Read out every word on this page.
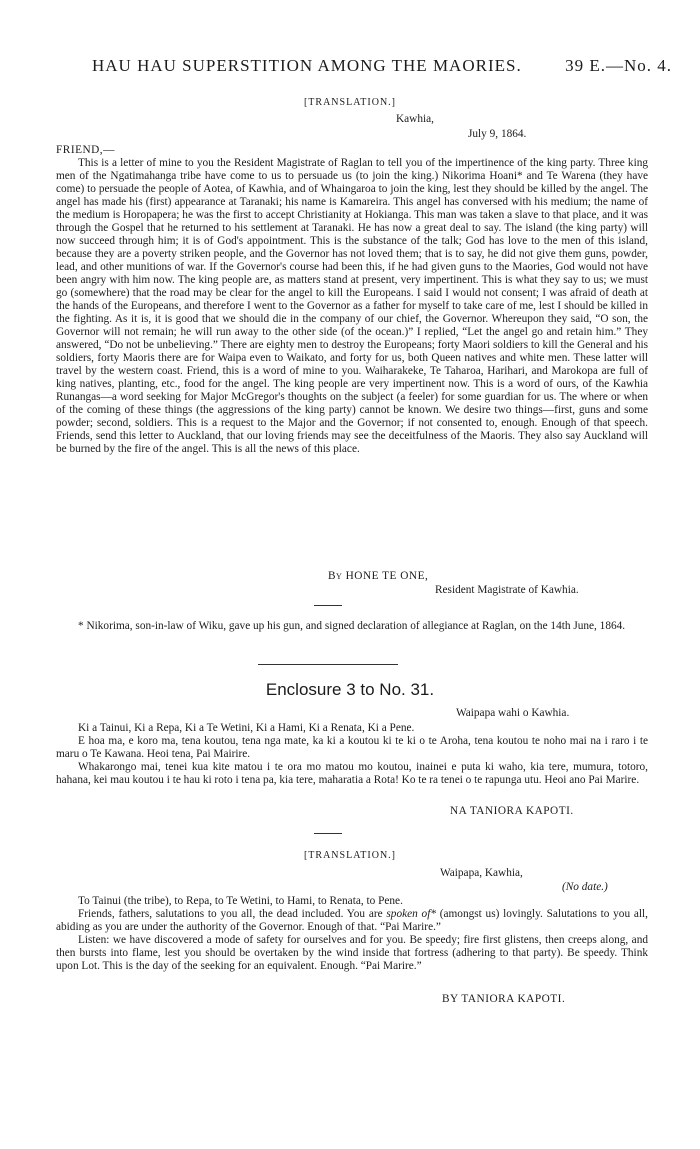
HAU HAU SUPERSTITION AMONG THE MAORIES.	39 E.—No. 4.
[TRANSLATION.]
Kawhia,
July 9, 1864.

FRIEND,—

This is a letter of mine to you the Resident Magistrate of Raglan to tell you of the impertinence of the king party. Three king men of the Ngatimahanga tribe have come to us to persuade us (to join the king.) Nikorima Hoani* and Te Warena (they have come) to persuade the people of Aotea, of Kawhia, and of Whaingaroa to join the king, lest they should be killed by the angel. The angel has made his (first) appearance at Taranaki; his name is Kamareira. This angel has conversed with his medium; the name of the medium is Horopapera; he was the first to accept Christianity at Hokianga. This man was taken a slave to that place, and it was through the Gospel that he returned to his settlement at Taranaki. He has now a great deal to say. The island (the king party) will now succeed through him; it is of God's appointment. This is the substance of the talk; God has love to the men of this island, because they are a poverty striken people, and the Governor has not loved them; that is to say, he did not give them guns, powder, lead, and other munitions of war. If the Governor's course had been this, if he had given guns to the Maories, God would not have been angry with him now. The king people are, as matters stand at present, very impertinent. This is what they say to us; we must go (somewhere) that the road may be clear for the angel to kill the Europeans. I said I would not consent; I was afraid of death at the hands of the Europeans, and therefore I went to the Governor as a father for myself to take care of me, lest I should be killed in the fighting. As it is, it is good that we should die in the company of our chief, the Governor. Whereupon they said, “O son, the Governor will not remain; he will run away to the other side (of the ocean.)” I replied, “Let the angel go and retain him.” They answered, “Do not be unbelieving.” There are eighty men to destroy the Europeans; forty Maori soldiers to kill the General and his soldiers, forty Maoris there are for Waipa even to Waikato, and forty for us, both Queen natives and white men. These latter will travel by the western coast. Friend, this is a word of mine to you. Waiharakeke, Te Taharoa, Harihari, and Marokopa are full of king natives, planting, etc., food for the angel. The king people are very impertinent now. This is a word of ours, of the Kawhia Runangas—a word seeking for Major McGregor's thoughts on the subject (a feeler) for some guardian for us. The where or when of the coming of these things (the aggressions of the king party) cannot be known. We desire two things—first, guns and some powder; second, soldiers. This is a request to the Major and the Governor; if not consented to, enough. Enough of that speech. Friends, send this letter to Auckland, that our loving friends may see the deceitfulness of the Maoris. They also say Auckland will be burned by the fire of the angel. This is all the news of this place.

By HONE TE ONE,
Resident Magistrate of Kawhia.

* Nikorima, son-in-law of Wiku, gave up his gun, and signed declaration of allegiance at Raglan, on the 14th June, 1864.

Enclosure 3 to No. 31.
Waipapa wahi o Kawhia.

Ki a Tainui, Ki a Repa, Ki a Te Wetini, Ki a Hami, Ki a Renata, Ki a Pene.

E hoa ma, e koro ma, tena koutou, tena nga mate, ka ki a koutou ki te ki o te Aroha, tena koutou te noho mai na i raro i te maru o Te Kawana. Heoi tena, Pai Mairire.

Whakarongo mai, tenei kua kite matou i te ora mo matou mo koutou, inainei e puta ki waho, kia tere, mumura, totoro, hahana, kei mau koutou i te hau ki roto i tena pa, kia tere, maharatia a Rota! Ko te ra tenei o te rapunga utu. Heoi ano Pai Marire.

NA TANIORA KAPOTI.
[TRANSLATION.]
Waipapa, Kawhia,
(No date.)

To Tainui (the tribe), to Repa, to Te Wetini, to Hami, to Renata, to Pene.

Friends, fathers, salutations to you all, the dead included. You are spoken of* (amongst us) lovingly. Salutations to you all, abiding as you are under the authority of the Governor. Enough of that. “Pai Marire.”

Listen: we have discovered a mode of safety for ourselves and for you. Be speedy; fire first glistens, then creeps along, and then bursts into flame, lest you should be overtaken by the wind inside that fortress (adhering to that party). Be speedy. Think upon Lot. This is the day of the seeking for an equivalent. Enough. “Pai Marire.”

BY TANIORA KAPOTI.
